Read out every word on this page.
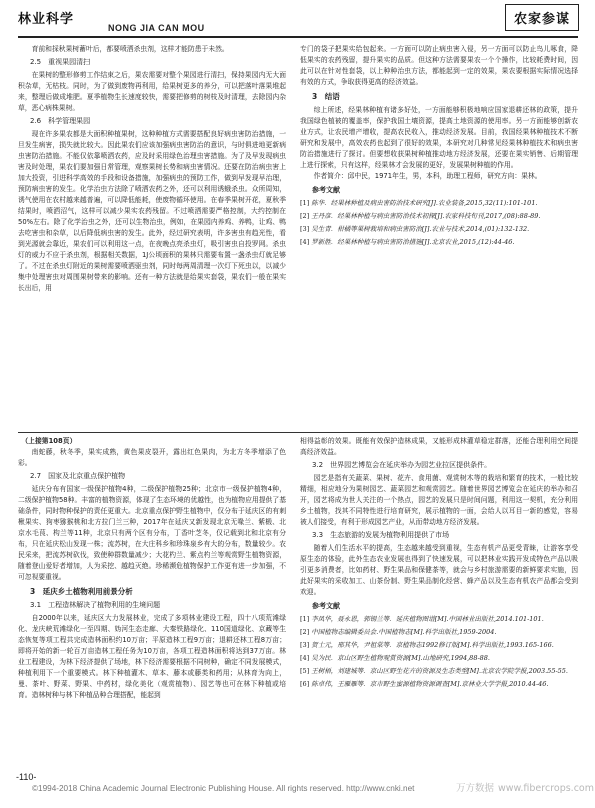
林业科学
NONG JIA CAN MOU
农家参谋

育前和採秋果树蓄叶后，都要喷洒杀虫剂，这样才能防患于未然。

2.5　重视果园清扫

在果树的整形修剪工作结束之后，果农需要对整个果园进行清扫，保持果园内无大面积杂草，无枯枝。同时，为了做到废物再利用，给果树更多的养分，可以把落叶落果堆起来，整理后做成堆肥。夏季植物生长速度较快，需要把修剪的树枝及时清理，去除园内杂草，恶心病株果树。

2.6　科学管理果园

现在许多果农都是大面积种植果树，这种种植方式需要搭配良好病虫害防治措施，一旦发生病害，损失就比较大。因此果农们应该加强病虫害防治的意识，与时俱进地更新病虫害防治措施。不能仅依靠喷洒农药，应及时采用绿色治理虫害措施。为了及早发现病虫害及时处理，果农们要加强日常管理，观察果树长势和病虫害情况。还要在防治病虫害上加大投资，引进科学高效的手段和设备措施，加强病虫的预防工作，做到早发现早治理，预防病虫害的发生。化学治虫方法除了喷洒农药之外，还可以利用诱蛾杀虫。众所周知，诱气使用在农村越来越普遍，可以降低能耗，使废物循环使用。在春季果树开花，夏秋季结果时，喷洒沼气，这样可以减少果实农药残留。不过喷洒需要严格控制，大约控制在50%左右。除了化学治虫之外，还可以生物治虫，例如，在果园内养鸡、养鸭，让鸡、鸭去吃害虫和杂草，以后降低病虫害的发生。此外，经过研究表明，许多害虫有趋光性，看到光源就会靠近，果农们可以利用这一点，在夜晚点亮杀虫灯，吸引害虫自投罗网。杀虫灯的威力不应于杀虫剂，根据相关数据，1J公顷面积的果林只需要布置一盏杀虫灯就足够了。不过在杀虫灯附近的果树需要喷洒驱虫剂，同时每两周清理一次灯下死虫以，以减少集中处理害虫对周围果树带来的影响。还有一种方法就是给果实套袋，果农们一般在果实长出后，用

专门的袋子把果实给包起来。一方面可以防止病虫害入侵，另一方面可以防止鸟儿啄食，降低果实的农药残留，提升果实的品质。但这种方法需要果农一个个操作，比较耗费时间，因此可以在针对性套袋，以上种种治虫方法，都能起到一定的效果，果农要根据实际情况选择有效的方式，争取获得更高的经济效益。

3　结语

综上所述，经果林种植有诸多好处，一方面能够积极地响应国家退耕还林的政策，提升我国绿色植被的覆盖率，保护我国土壤资源，提高土地资源的使用率。另一方面能够创新农业方式，让农民增产增收，提高农民收入，推动经济发展。目前，我国经果林种植技术不断研究和发展中，高效农药也起到了很好的效果，本研究对几种常见经果林种植技术和病虫害防治措施进行了探讨。但要想收获果树种植推动地方经济发展，还要在果实销售、后期管理上进行探索，只有这样，经果林才会发展的更好，发展果树种植的作用。

作者简介：邱中民，1971年生，男，本科，助理工程师，研究方向：果林。

参考文献
[1] 陈华．经果林种植及病虫害防治技术研究[J].农业装备,2015,32(11):101-101.
[2] 王丹彦．经果林种植与病虫害防治技术初探[J].农家科技旬刊,2017,(08):88-89.
[3] 吴生青．柑橘等果树栽培和病虫害防治[J].农业与技术,2014,(01):132-132.
[4] 罗新胜．经果林种植与病虫害防治措施[J].北京农业,2015,(12):44-46.

（上接第108页）

南蛇藤，秋冬季，果实成熟，黄色果皮裂开，露出红色果肉，为北方冬季增添了色彩。

2.7　国家及北京重点保护植物

延庆分布有国家一级保护植物4种，二级保护植物25种；北京市一级保护植物4种，二级保护植物58种。丰富的植物资源，体现了生态环境的优越性，也为植物应用提供了基础条件，同时物种保护的责任更重大。北京重点保护野生植物中，仅分布于延庆区的有刺楸果实、狗枣猕猴桃和北方拉门兰三种，2017年在延庆又新发现北京无喙兰、紫椴、北京水毛茛、构兰等11种，北京只有两个区有分布，丁香叶芝冬，仅记载到北和北京有分布，只在延庆松山发现一株；流苏树，在大庄科乡和珍珠泉乡有大的分布，数量较少。农民采来，把流苏树砍伐，致使种群数量减少；大花杓兰、紫点杓兰等观赏野生植物资源，随着登山爱好者增加，人为采挖、越趋灭绝。珍稀濒危植物保护工作更有进一步加强，不可忽视要重视。

3　延庆乡土植物利用前景分析
3.1　工程造林解决了植物利用的生境问题

自2000年以来，延庆区大力发展林业，完成了多项林业建设工程，四十八项荒滩绿化、龙庆峡荒滩绿化一至四期、妫河生态走廊、大秦铁路绿化、110国道绿化、京藏等生态恢复等项工程共完成造林面积约10万亩；平原造林工程9万亩；退耕还林工程8万亩；即将开始的新一轮百万亩造林工程任务为10万亩，各项工程造林面积将达到37万亩。林业工程建设，为林下经济提供了场地，林下经济需要根据不同树种，确定不同发展模式，种植利用下一个重要模式。林下种植灌木、草本、藤本或藤类和药用；从林育为向上，曼、茶叶、野菜、野果、中药材，绿化美化（观赏植物）、园艺等也可在林下种植或培育。造林树种与林下种植品种合理搭配，能起到

相得益彰的效果。既能有效保护造林成果，又能形成林灌草稳定群落，还能合理利用空间提高经济效益。

3.2　世界园艺博览会在延庆举办为园艺业拉区提供条件。

园艺是指有关蔬菜、果树、花卉、食用菌、观赏树木等的栽培和繁育的技术，一般比较精细，相应地分为果树园艺、蔬菜园艺和观赏园艺。随着世界园艺博览会在延庆的举办和召开，园艺将成为世人关注的一个热点，园艺的发展只是时间问题，利用这一契机，充分利用乡土植物，找其不同特性进行培育研究，展示植物的一面，会给人以耳目一新的感觉，容易被人们接受，有利于形成园艺产业，从而带动地方经济发展。

3.3　生态旅游的发展为植物利用提供了市场

随着人们生活水平的提高，生态越来越受到重视，生态有机产品更受青睐，让游客享受原生态的体验，此外生态农业发展也得到了快速发展，可以把林业实践开发成特色产品以吸引更多消费者，比如药材、野生果品和保健茶等，就会与乡村旅游需要的新鲜要求实施，因此好果实的采收加工、山茶份制、野生果品制化经营、蜂产品以及生态有机农产品都会受到欢迎。

参考文献
[1] 李凤华，聂永恩，郭锡兰等．延庆植物图谱[M].中国林业出版社,2014.101-101.
[2] 中国植物志编辑委员会.中国植物志[M].科学出版社,1959-2004.
[3] 贺士元，邢其华，尹祖棠等．京植物志1992修订版[M].科学出版社,1993.165-166.
[4] 吴为民．京山区野生植物观赏资源[M].山地研究,1994,88-88.
[5] 王树梧，刘建城等．京山区野生花卉的资源及生态类型[M].北京农学院学报,2003.55-55.
[6] 陈卓伟，王雁雁等．京市野生蜜源植物资源调查[M].京林业大学学报,2010.44-46.
-110-
©1994-2018 China Academic Journal Electronic Publishing House. All rights reserved. http://www.cnki.net	万方数据 www.fibercrops.com
